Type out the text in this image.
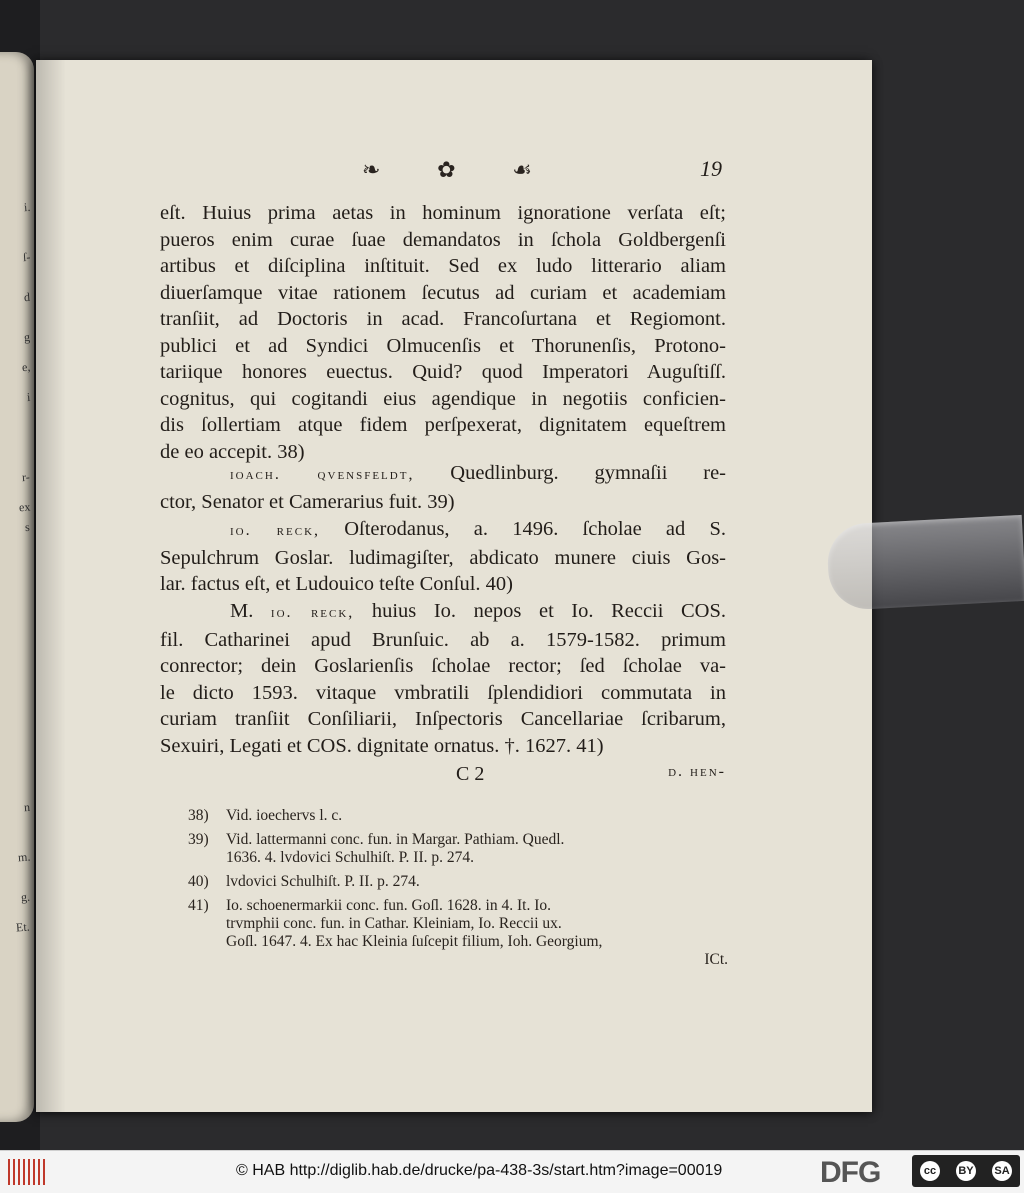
i.
ſ-
d
g
e,
i
r-
ex
s
n
m.
g.
Et.
❧	✿	☙	19

eſt. Huius prima aetas in hominum ignoratione verſata eſt;

pueros enim curae ſuae demandatos in ſchola Goldbergenſi

artibus et diſciplina inſtituit. Sed ex ludo litterario aliam

diuerſamque vitae rationem ſecutus ad curiam et academiam

tranſiit, ad Doctoris in acad. Francoſurtana et Regiomont.

publici et ad Syndici Olmucenſis et Thorunenſis, Protono-

tariique honores euectus. Quid? quod Imperatori Auguſtiſſ.

cognitus, qui cogitandi eius agendique in negotiis conficien-

dis ſollertiam atque fidem perſpexerat, dignitatem equeſtrem

de eo accepit. 38)

ioach. qvensfeldt, Quedlinburg. gymnaſii re-

ctor, Senator et Camerarius fuit. 39)

io. reck, Oſterodanus, a. 1496. ſcholae ad S.

Sepulchrum Goslar. ludimagiſter, abdicato munere ciuis Gos-

lar. factus eſt, et Ludouico teſte Conſul. 40)

M. io. reck, huius Io. nepos et Io. Reccii COS.

fil. Catharinei apud Brunſuic. ab a. 1579-1582. primum

conrector; dein Goslarienſis ſcholae rector; ſed ſcholae va-

le dicto 1593. vitaque vmbratili ſplendidiori commutata in

curiam tranſiit Conſiliarii, Inſpectoris Cancellariae ſcribarum,

Sexuiri, Legati et COS. dignitate ornatus. †. 1627. 41)

C 2	d. hen-
38)	Vid. ioechervs l. c.
39)	Vid. lattermanni conc. fun. in Margar. Pathiam. Quedl.
1636. 4. lvdovici Schulhiſt. P. II. p. 274.
40)	lvdovici Schulhiſt. P. II. p. 274.
41)	Io. schoenermarkii conc. fun. Goſl. 1628. in 4. It. Io.
trvmphii conc. fun. in Cathar. Kleiniam, Io. Reccii ux.
Goſl. 1647. 4. Ex hac Kleinia ſuſcepit filium, Ioh. Georgium,
ICt.
© HAB http://diglib.hab.de/drucke/pa-438-3s/start.htm?image=00019	DFG	cc	BY SA
